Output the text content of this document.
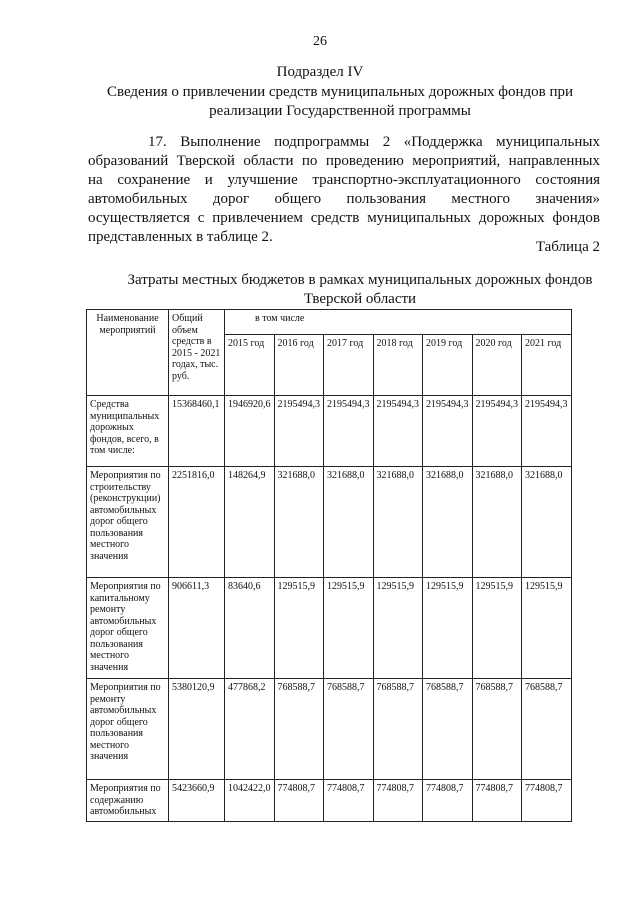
26
Подраздел IV
Сведения о привлечении средств муниципальных дорожных фондов при
реализации Государственной программы
17. Выполнение подпрограммы 2 «Поддержка муниципальных
образований Тверской области по проведению мероприятий, направленных
на сохранение и улучшение транспортно-эксплуатационного состояния
автомобильных дорог общего пользования местного значения»
осуществляется с привлечением средств муниципальных дорожных фондов
представленных в таблице 2.
Таблица 2
Затраты местных бюджетов в рамках муниципальных дорожных фондов
Тверской области
Наименование мероприятий	Общий объем средств в 2015 - 2021 годах, тыс. руб.	в том числе						
		2015 год	2016 год	2017 год	2018 год	2019 год	2020 год	2021 год
Средства муниципальных дорожных фондов, всего, в том числе:	15368460,1	1946920,6	2195494,3	2195494,3	2195494,3	2195494,3	2195494,3	2195494,3
Мероприятия по строительству (реконструкции) автомобильных дорог общего пользования местного значения	2251816,0	148264,9	321688,0	321688,0	321688,0	321688,0	321688,0	321688,0
Мероприятия по капитальному ремонту автомобильных дорог общего пользования местного значения	906611,3	83640,6	129515,9	129515,9	129515,9	129515,9	129515,9	129515,9
Мероприятия по ремонту автомобильных дорог общего пользования местного значения	5380120,9	477868,2	768588,7	768588,7	768588,7	768588,7	768588,7	768588,7
Мероприятия по содержанию автомобильных	5423660,9	1042422,0	774808,7	774808,7	774808,7	774808,7	774808,7	774808,7
